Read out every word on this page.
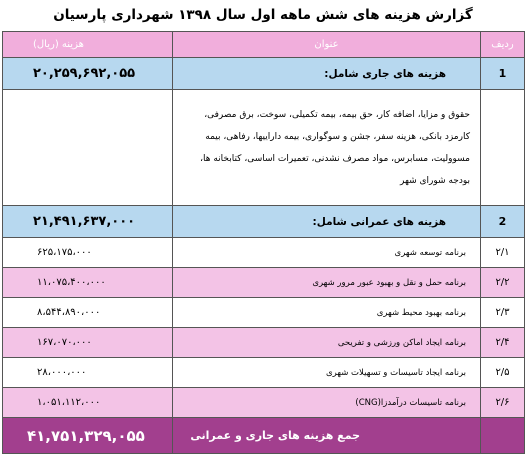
گزارش هزینه های شش ماهه اول سال ۱۳۹۸ شهرداری پارسیان
ردیف	عنوان	هزینه (ریال)
1	هزینه های جاری شامل:	۲۰,۲۵۹,۶۹۲,۰۵۵
	حقوق و مزایا، اضافه کار، حق بیمه، بیمه تکمیلی، سوخت، برق مصرفی، کارمزد بانکی، هزینه سفر، جشن و سوگواری، بیمه داراییها، رفاهی، بیمه مسوولیت، مسابرس، مواد مصرف نشدنی، تعمیرات اساسی، کتابخانه ها، بودجه شورای شهر	
2	هزینه های عمرانی شامل:	۲۱,۴۹۱,۶۳۷,۰۰۰
۲/۱	برنامه توسعه شهری	۶۲۵،۱۷۵،۰۰۰
۲/۲	برنامه حمل و نقل و بهبود عبور مرور شهری	۱۱،۰۷۵،۴۰۰،۰۰۰
۲/۳	برنامه بهبود محیط شهری	۸،۵۴۴،۸۹۰،۰۰۰
۲/۴	برنامه ایجاد اماکن ورزشی و تفریحی	۱۶۷،۰۷۰،۰۰۰
۲/۵	برنامه ایجاد تاسیسات و تسهیلات شهری	۲۸،۰۰۰،۰۰۰
۲/۶	برنامه تاسیسات درآمدزا(CNG)	۱،۰۵۱،۱۱۲،۰۰۰
	جمع هزینه های جاری و عمرانی	۴۱,۷۵۱,۳۲۹,۰۵۵
